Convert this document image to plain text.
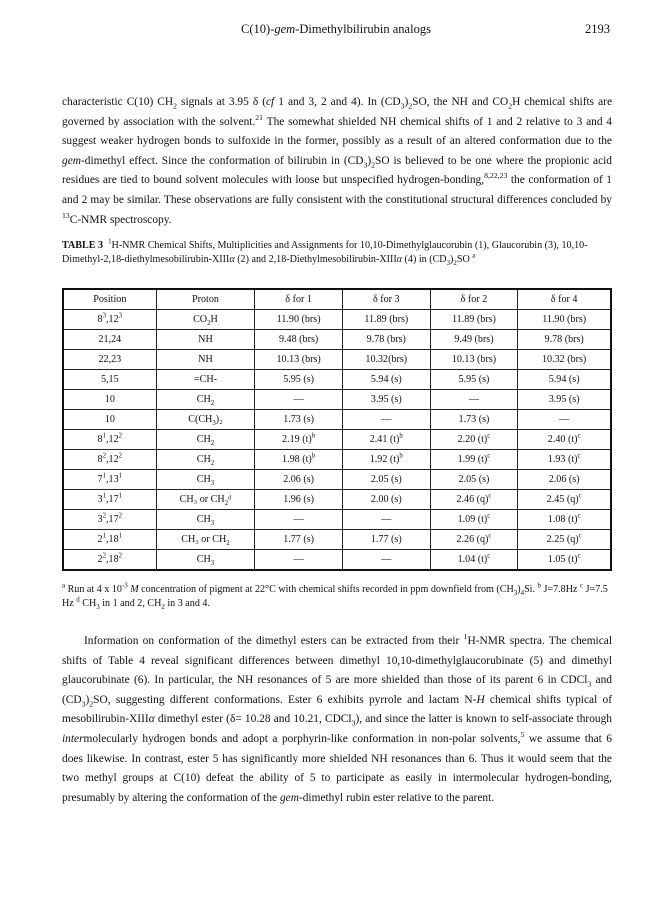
C(10)-gem-Dimethylbilirubin analogs	2193

characteristic C(10) $CH_2$ signals at 3.95 δ (cf 1 and 3, 2 and 4). In $(CD_3)_2SO$, the NH and $CO_2H$ chemical shifts are governed by association with the solvent.$^{21}$ The somewhat shielded NH chemical shifts of 1 and 2 relative to 3 and 4 suggest weaker hydrogen bonds to sulfoxide in the former, possibly as a result of an altered conformation due to the gem-dimethyl effect. Since the conformation of bilirubin in $(CD_3)_2SO$ is believed to be one where the propionic acid residues are tied to bound solvent molecules with loose but unspecified hydrogen-bonding,$^{8,22,23}$ the conformation of 1 and 2 may be similar. These observations are fully consistent with the constitutional structural differences concluded by $^{13}$C-NMR spectroscopy.

TABLE 3 $^1$H-NMR Chemical Shifts, Multiplicities and Assignments for 10,10-Dimethylglaucorubin (1), Glaucorubin (3), 10,10-Dimethyl-2,18-diethylmesobilirubin-XIIIα (2) and 2,18-Diethylmesobilirubin-XIIIα (4) in $(CD_3)_2SO$ $^a$

Position	Proton	δ for 1	δ for 3	δ for 2	δ for 4
$8^3,12^3$	$CO_2H$	11.90 (brs)	11.89 (brs)	11.89 (brs)	11.90 (brs)
21,24	NH	9.48 (brs)	9.78 (brs)	9.49 (brs)	9.78 (brs)
22,23	NH	10.13 (brs)	10.32(brs)	10.13 (brs)	10.32 (brs)
5,15	=CH-	5.95 (s)	5.94 (s)	5.95 (s)	5.94 (s)
10	$CH_2$	—	3.95 (s)	—	3.95 (s)
10	$C(CH_3)_2$	1.73 (s)	—	1.73 (s)	—
$8^1,12^2$	$CH_2$	2.19 $(t)^b$	2.41 $(t)^b$	2.20 $(t)^c$	2.40 $(t)^c$
$8^2,12^2$	$CH_2$	1.98 $(t)^b$	1.92 $(t)^b$	1.99 $(t)^c$	1.93 $(t)^c$
$7^1,13^1$	$CH_3$	2.06 (s)	2.05 (s)	2.05 (s)	2.06 (s)
$3^1,17^1$	CH₃ or $CH_2ᵈ$	1.96 (s)	2.00 (s)	2.46 $(q)^c$	2.45 $(q)^c$
$3^2,17^2$	$CH_3$	—	—	1.09 $(t)^c$	1.08 $(t)^c$
$2^1,18^1$	CH₃ or $CH_2$	1.77 (s)	1.77 (s)	2.26 $(q)^c$	2.25 $(q)^c$
$2^2,18^2$	$CH_3$	—	—	1.04 $(t)^c$	1.05 $(t)^c$

$^a$ Run at 4 x $10^{-3}$ M concentration of pigment at 22°C with chemical shifts recorded in ppm downfield from $(CH_3)_4Si$. $^b$ J=7.8Hz $^c$ J=7.5 Hz $^d$ $CH_3$ in 1 and 2, $CH_2$ in 3 and 4.

Information on conformation of the dimethyl esters can be extracted from their $^1$H-NMR spectra. The chemical shifts of Table 4 reveal significant differences between dimethyl 10,10-dimethylglaucorubinate (5) and dimethyl glaucorubinate (6). In particular, the NH resonances of 5 are more shielded than those of its parent 6 in CDCl$_3$ and $(CD_3)_2SO$, suggesting different conformations. Ester 6 exhibits pyrrole and lactam N-H chemical shifts typical of mesobilirubin-XIIIα dimethyl ester (δ= 10.28 and 10.21, CDCl$_3$), and since the latter is known to self-associate through intermolecularly hydrogen bonds and adopt a porphyrin-like conformation in non-polar solvents,$^5$ we assume that 6 does likewise. In contrast, ester 5 has significantly more shielded NH resonances than 6. Thus it would seem that the two methyl groups at C(10) defeat the ability of 5 to participate as easily in intermolecular hydrogen-bonding, presumably by altering the conformation of the gem-dimethyl rubin ester relative to the parent.
